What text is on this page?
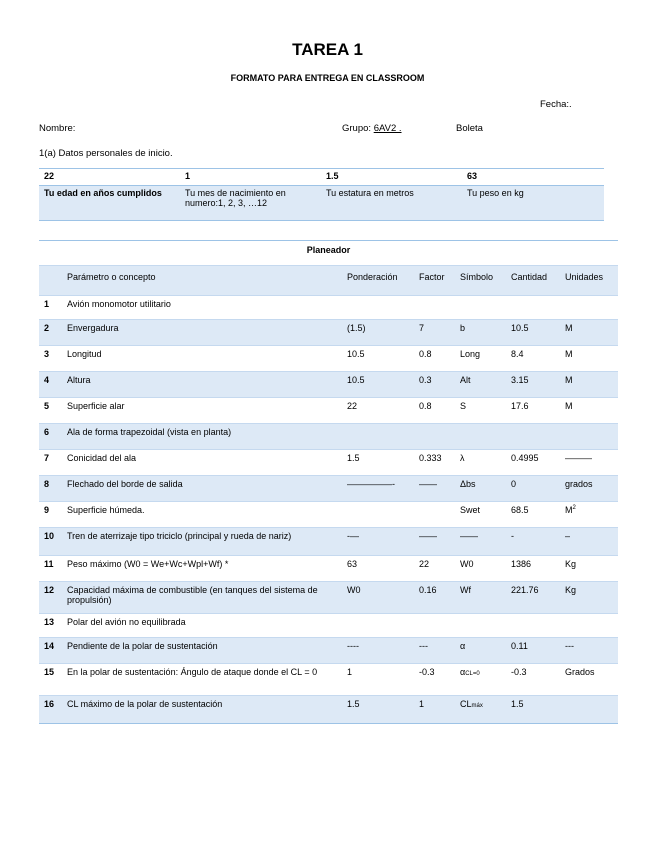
TAREA 1
FORMATO PARA ENTREGA EN CLASSROOM
Fecha:.
Nombre:	Grupo: 6AV2 .	Boleta
1(a) Datos personales de inicio.
22	1	1.5	63
Tu edad en años cumplidos	Tu mes de nacimiento en numero:1, 2, 3, …12	Tu estatura en metros	Tu peso en kg
Planeador						
	Parámetro o concepto	Ponderación	Factor	Símbolo	Cantidad	Unidades
1	Avión monomotor utilitario					
2	Envergadura	(1.5)	7	b	10.5	M
3	Longitud	10.5	0.8	Long	8.4	M
4	Altura	10.5	0.3	Alt	3.15	M
5	Superficie alar	22	0.8	S	17.6	M
6	Ala de forma trapezoidal (vista en planta)					
7	Conicidad del ala	1.5	0.333	λ	0.4995	———
8	Flechado del borde de salida	—————-	——	Δbs	0	grados
9	Superficie húmeda.			Swet	68.5	$M^2$
10	Tren de aterrizaje tipo triciclo (principal y rueda de nariz)	-—	——	——	-	–
11	Peso máximo (W0 = We+Wc+Wpl+Wf) *	63	22	W0	1386	Kg
12	Capacidad máxima de combustible (en tanques del sistema de propulsión)	W0	0.16	Wf	221.76	Kg
13	Polar del avión no equilibrada					
14	Pendiente de la polar de sustentación	----	---	α	0.11	---
15	En la polar de sustentación: Ángulo de ataque donde el CL = 0	1	-0.3	αCL=0	-0.3	Grados
16	CL máximo de la polar de sustentación	1.5	1	CLmáx	1.5	
